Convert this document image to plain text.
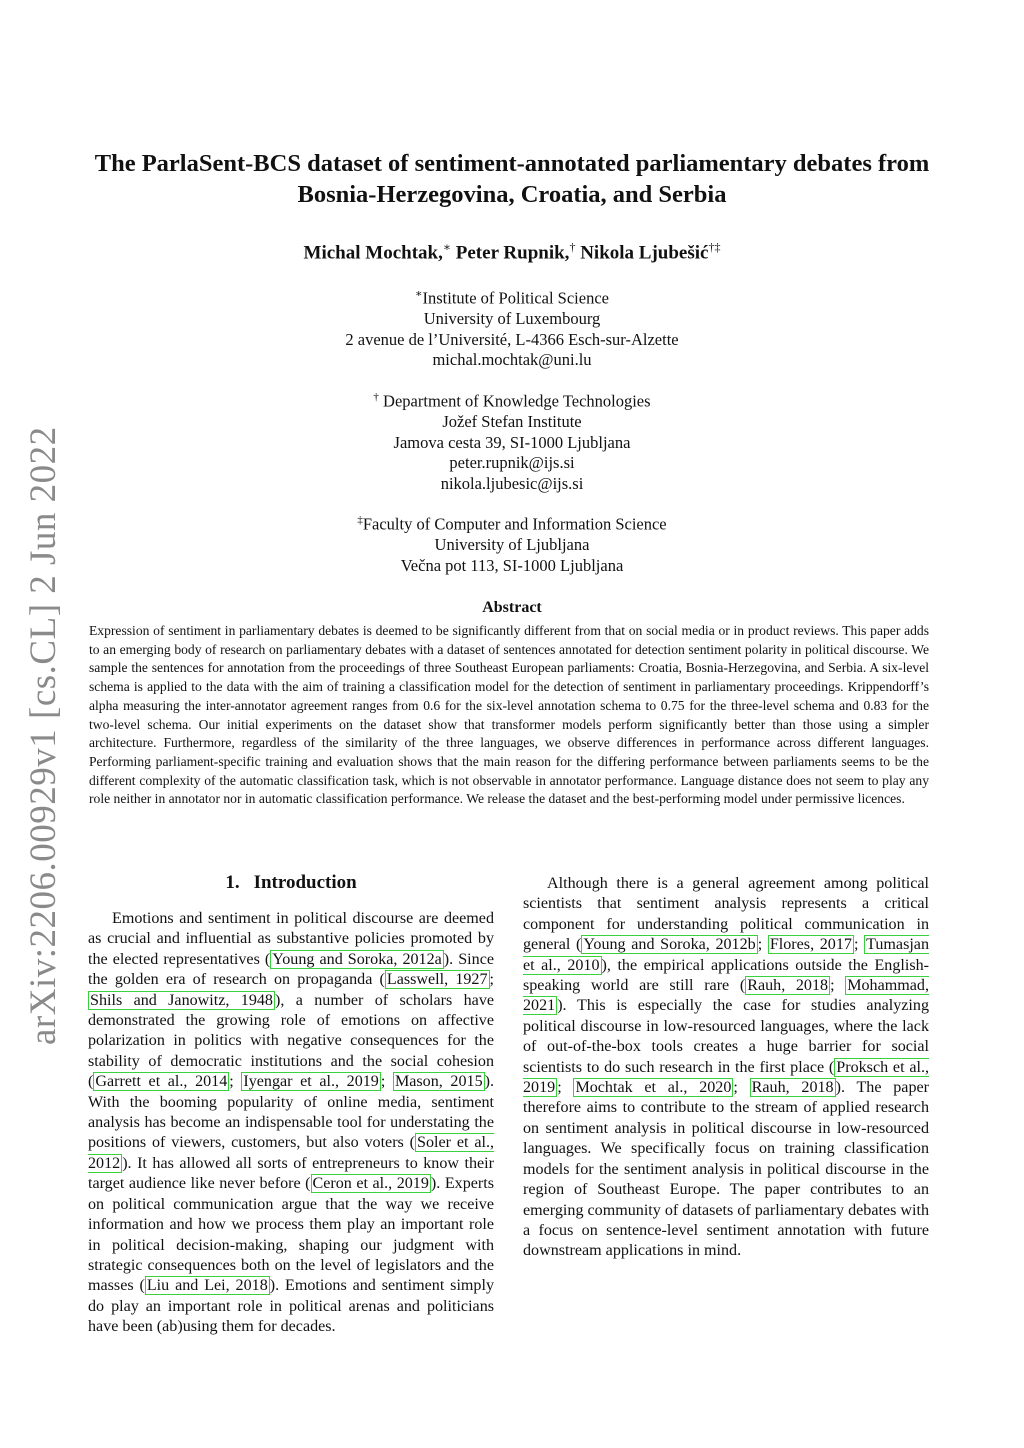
arXiv:2206.00929v1 [cs.CL] 2 Jun 2022
The ParlaSent-BCS dataset of sentiment-annotated parliamentary debates from Bosnia-Herzegovina, Croatia, and Serbia
Michal Mochtak,∗ Peter Rupnik,† Nikola Ljubešić†‡
∗Institute of Political Science
University of Luxembourg
2 avenue de l’Université, L-4366 Esch-sur-Alzette
michal.mochtak@uni.lu
† Department of Knowledge Technologies
Jožef Stefan Institute
Jamova cesta 39, SI-1000 Ljubljana
peter.rupnik@ijs.si
nikola.ljubesic@ijs.si
‡Faculty of Computer and Information Science
University of Ljubljana
Večna pot 113, SI-1000 Ljubljana
Abstract
Expression of sentiment in parliamentary debates is deemed to be significantly different from that on social media or in product reviews. This paper adds to an emerging body of research on parliamentary debates with a dataset of sentences annotated for detection sentiment polarity in political discourse. We sample the sentences for annotation from the proceedings of three Southeast European parliaments: Croatia, Bosnia-Herzegovina, and Serbia. A six-level schema is applied to the data with the aim of training a classification model for the detection of sentiment in parliamentary proceedings. Krippendorff’s alpha measuring the inter-annotator agreement ranges from 0.6 for the six-level annotation schema to 0.75 for the three-level schema and 0.83 for the two-level schema. Our initial experiments on the dataset show that transformer models perform significantly better than those using a simpler architecture. Furthermore, regardless of the similarity of the three languages, we observe differences in performance across different languages. Performing parliament-specific training and evaluation shows that the main reason for the differing performance between parliaments seems to be the different complexity of the automatic classification task, which is not observable in annotator performance. Language distance does not seem to play any role neither in annotator nor in automatic classification performance. We release the dataset and the best-performing model under permissive licences.
1. Introduction

Emotions and sentiment in political discourse are deemed as crucial and influential as substantive policies promoted by the elected representatives ( Young and Soroka, 2012a ). Since the golden era of research on propaganda ( Lasswell, 1927 ; Shils and Janowitz, 1948 ), a number of scholars have demonstrated the growing role of emotions on affective polarization in politics with negative consequences for the stability of democratic institutions and the social cohesion ( Garrett et al., 2014 ; Iyengar et al., 2019 ; Mason, 2015 ). With the booming popularity of online media, sentiment analysis has become an indispensable tool for understating the positions of viewers, customers, but also voters ( Soler et al., 2012 ). It has allowed all sorts of entrepreneurs to know their target audience like never before ( Ceron et al., 2019 ). Experts on political communication argue that the way we receive information and how we process them play an important role in political decision-making, shaping our judgment with strategic consequences both on the level of legislators and the masses ( Liu and Lei, 2018 ). Emotions and sentiment simply do play an important role in political arenas and politicians have been (ab)using them for decades.

Although there is a general agreement among political scientists that sentiment analysis represents a critical component for understanding political communication in general ( Young and Soroka, 2012b ; Flores, 2017 ; Tumasjan et al., 2010 ), the empirical applications outside the English-speaking world are still rare ( Rauh, 2018 ; Mohammad, 2021 ). This is especially the case for studies analyzing political discourse in low-resourced languages, where the lack of out-of-the-box tools creates a huge barrier for social scientists to do such research in the first place ( Proksch et al., 2019 ; Mochtak et al., 2020 ; Rauh, 2018 ). The paper therefore aims to contribute to the stream of applied research on sentiment analysis in political discourse in low-resourced languages. We specifically focus on training classification models for the sentiment analysis in political discourse in the region of Southeast Europe. The paper contributes to an emerging community of datasets of parliamentary debates with a focus on sentence-level sentiment annotation with future downstream applications in mind.
